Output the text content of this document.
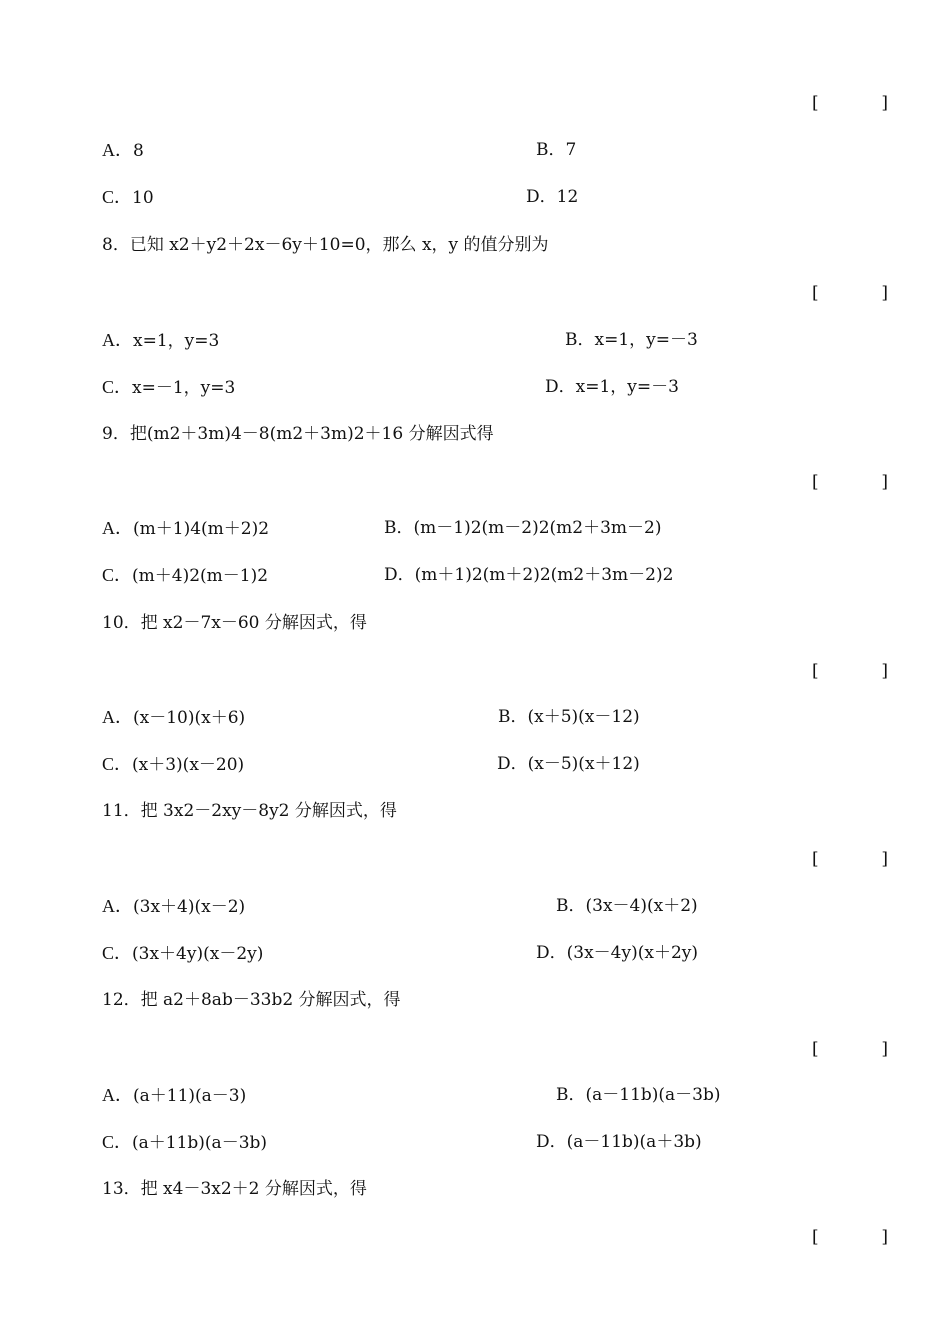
[	]
A．8	B．7
C．10	D．12
8．已知 x2＋y2＋2x－6y＋10=0，那么 x，y 的值分别为
[	]
A．x=1，y=3	B．x=1，y=－3
C．x=－1，y=3	D．x=1，y=－3
9．把(m2＋3m)4－8(m2＋3m)2＋16 分解因式得
[	]
A．(m＋1)4(m＋2)2	B．(m－1)2(m－2)2(m2＋3m－2)
C．(m＋4)2(m－1)2	D．(m＋1)2(m＋2)2(m2＋3m－2)2
10．把 x2－7x－60 分解因式，得
[	]
A．(x－10)(x＋6)	B．(x＋5)(x－12)
C．(x＋3)(x－20)	D．(x－5)(x＋12)
11．把 3x2－2xy－8y2 分解因式，得
[	]
A．(3x＋4)(x－2)	B．(3x－4)(x＋2)
C．(3x＋4y)(x－2y)	D．(3x－4y)(x＋2y)
12．把 a2＋8ab－33b2 分解因式，得
[	]
A．(a＋11)(a－3)	B．(a－11b)(a－3b)
C．(a＋11b)(a－3b)	D．(a－11b)(a＋3b)
13．把 x4－3x2＋2 分解因式，得
[	]
